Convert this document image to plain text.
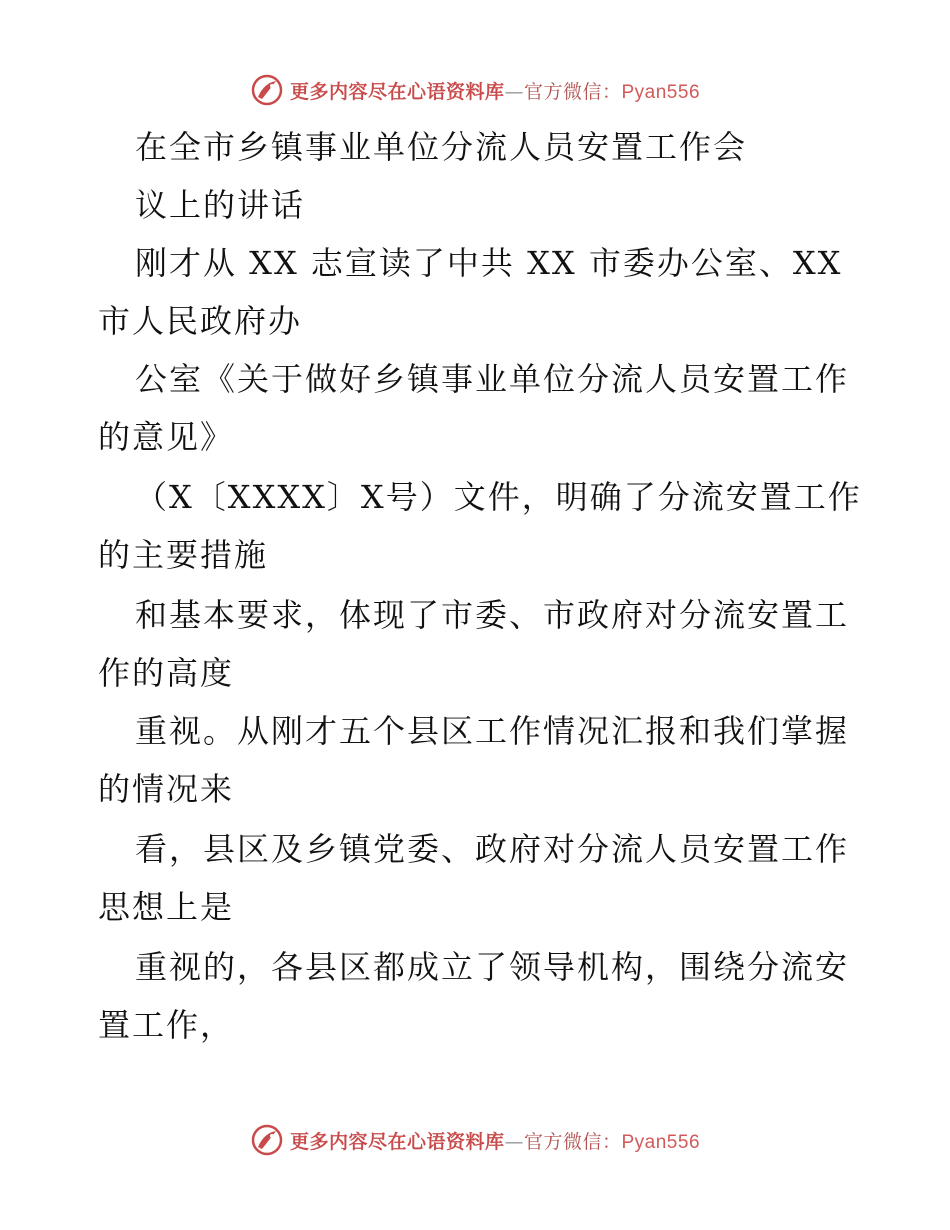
更多内容尽在心语资料库—官方微信：Pyan556
在全市乡镇事业单位分流人员安置工作会
议上的讲话
刚才从 XX 志宣读了中共 XX 市委办公室、XX
市人民政府办
公室《关于做好乡镇事业单位分流人员安置工作
的意见》
（X〔XXXX〕X号）文件，明确了分流安置工作
的主要措施
和基本要求，体现了市委、市政府对分流安置工
作的高度
重视。从刚才五个县区工作情况汇报和我们掌握
的情况来
看，县区及乡镇党委、政府对分流人员安置工作
思想上是
重视的，各县区都成立了领导机构，围绕分流安
置工作，
更多内容尽在心语资料库—官方微信：Pyan556
